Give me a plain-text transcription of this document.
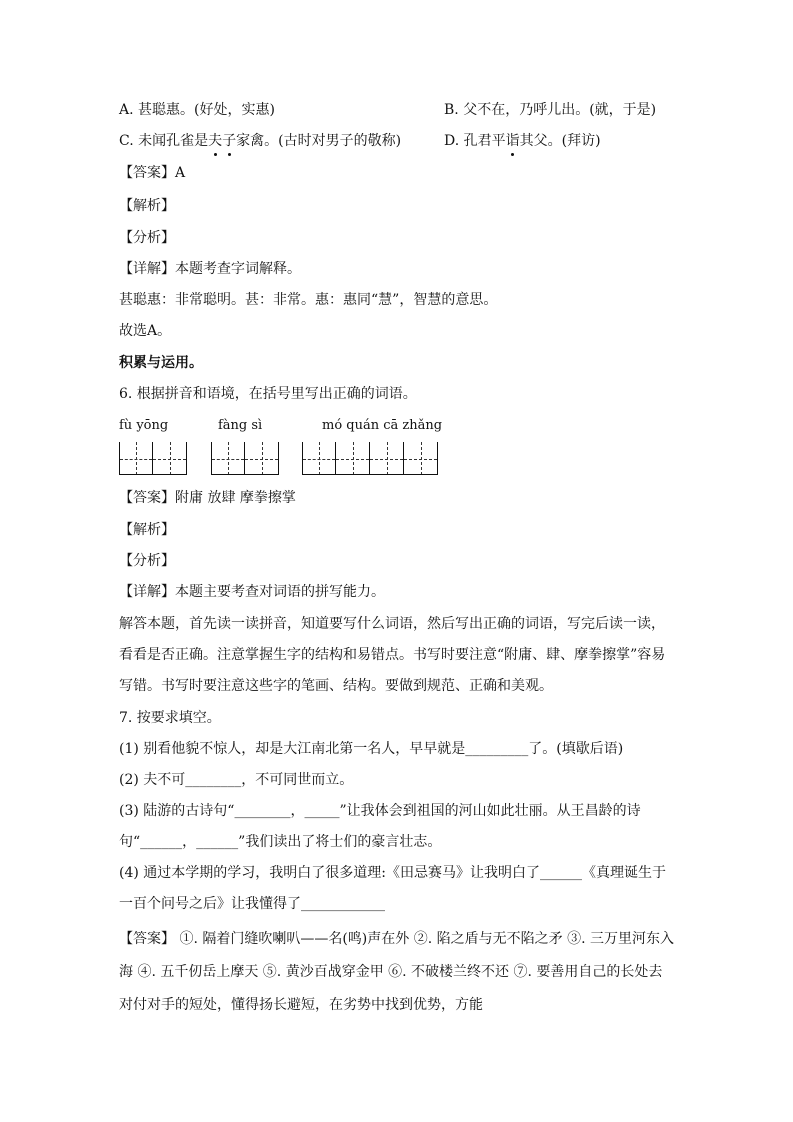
A. 甚聪惠。(好处，实惠)	B. 父不在，乃呼儿出。(就，于是)
C. 未闻孔雀是夫子家禽。(古时对男子的敬称)	D. 孔君平诣其父。(拜访)
【答案】A
【解析】
【分析】
【详解】本题考查字词解释。
甚聪惠：非常聪明。甚：非常。惠：惠同“慧”，智慧的意思。
故选A。
积累与运用。
6. 根据拼音和语境，在括号里写出正确的词语。
fù yōng	fàng sì	mó quán cā zhǎng
【答案】附庸 放肆 摩拳擦掌
【解析】
【分析】
【详解】本题主要考查对词语的拼写能力。
解答本题，首先读一读拼音，知道要写什么词语，然后写出正确的词语，写完后读一读，看看是否正确。注意掌握生字的结构和易错点。书写时要注意“附庸、肆、摩拳擦掌”容易写错。书写时要注意这些字的笔画、结构。要做到规范、正确和美观。
7. 按要求填空。
(1) 别看他貌不惊人，却是大江南北第一名人，早早就是_________了。(填歇后语)
(2) 夫不可________，不可同世而立。
(3) 陆游的古诗句“________，_____”让我体会到祖国的河山如此壮丽。从王昌龄的诗句“______，______”我们读出了将士们的豪言壮志。
(4) 通过本学期的学习，我明白了很多道理:《田忌赛马》让我明白了______《真理诞生于一百个问号之后》让我懂得了____________
【答案】 ①. 隔着门缝吹喇叭——名(鸣)声在外 ②. 陷之盾与无不陷之矛 ③. 三万里河东入海 ④. 五千仞岳上摩天 ⑤. 黄沙百战穿金甲 ⑥. 不破楼兰终不还 ⑦. 要善用自己的长处去对付对手的短处，懂得扬长避短，在劣势中找到优势，方能
